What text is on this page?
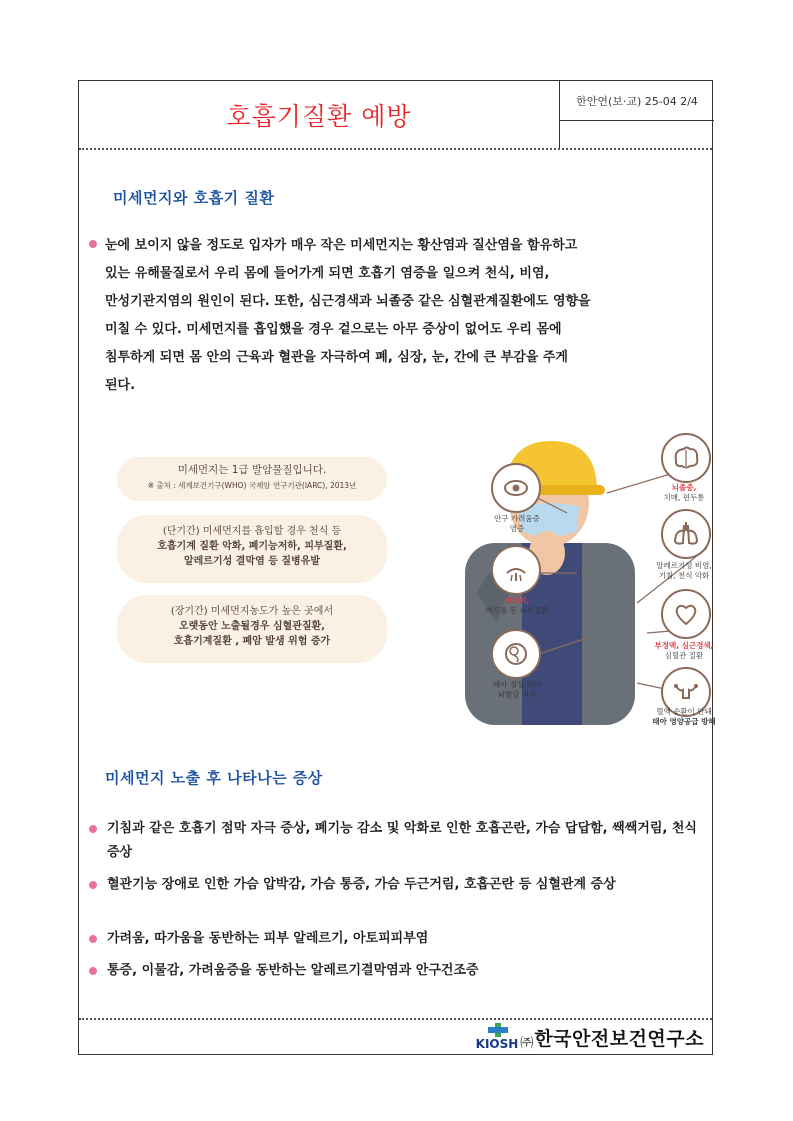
호흡기질환 예방
한안연(보·교) 25-04 2/4
미세먼지와 호흡기 질환
눈에 보이지 않을 정도로 입자가 매우 작은 미세먼지는 황산염과 질산염을 함유하고
있는 유해물질로서 우리 몸에 들어가게 되면 호흡기 염증을 일으켜 천식, 비염,
만성기관지염의 원인이 된다. 또한, 심근경색과 뇌졸중 같은 심혈관계질환에도 영향을
미칠 수 있다. 미세먼지를 흡입했을 경우 겉으로는 아무 증상이 없어도 우리 몸에
침투하게 되면 몸 안의 근육과 혈관을 자극하여 폐, 심장, 눈, 간에 큰 부감을 주게
된다.
미세먼지는 1급 발암물질입니다.
※ 출처 : 세계보건기구(WHO) 국제암 연구기관(IARC), 2013년
(단기간) 미세먼지를 흡입할 경우 천식 등
호흡기계 질환 악화, 폐기능저하, 피부질환,
알레르기성 결막염 등 질병유발
(장기간) 미세먼지농도가 높은 곳에서
오랫동안 노출될경우 심혈관질환,
호흡기계질환 , 폐암 발생 위험 증가
안구 가려움증
염증
아토피,
여드름 등 피부질환
태아 성장 저하
뇌발달 저하
뇌졸중,
치매, 편두통
알레르기성 비염,
기침, 천식 악화
부정맥, 심근경색,
심혈관 질환
혈액 순환이 안돼
태아 영양공급 방해
미세먼지 노출 후 나타나는 증상
기침과 같은 호흡기 점막 자극 증상, 폐기능 감소 및 악화로 인한 호흡곤란, 가슴 답답함, 쌕쌕거림, 천식 증상
혈관기능 장애로 인한 가슴 압박감, 가슴 통증, 가슴 두근거림, 호흡곤란 등 심혈관계 증상
가려움, 따가움을 동반하는 피부 알레르기, 아토피피부염
통증, 이물감, 가려움증을 동반하는 알레르기결막염과 안구건조증
KIOSH ㈜ 한국안전보건연구소
